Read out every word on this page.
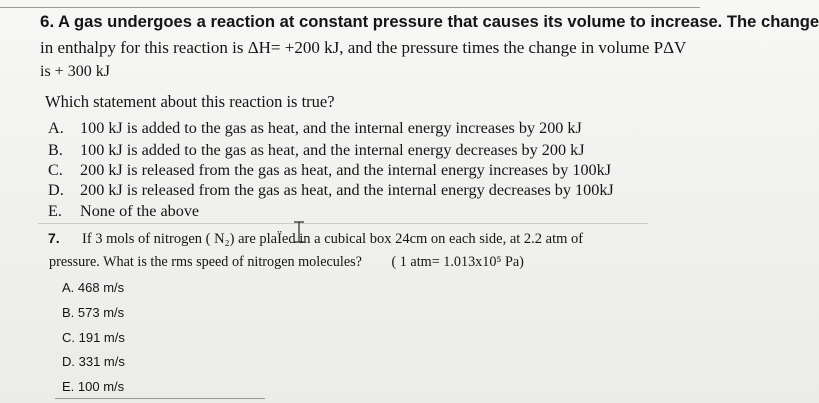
6. A gas undergoes a reaction at constant pressure that causes its volume to increase. The change
in enthalpy for this reaction is ΔH= +200 kJ, and the pressure times the change in volume PΔV
is + 300 kJ
Which statement about this reaction is true?
A. 100 kJ is added to the gas as heat, and the internal energy increases by 200 kJ
B. 100 kJ is added to the gas as heat, and the internal energy decreases by 200 kJ
C. 200 kJ is released from the gas as heat, and the internal energy increases by 100kJ
D. 200 kJ is released from the gas as heat, and the internal energy decreases by 100kJ
E. None of the above
7. If 3 mols of nitrogen ( N₂) are plaÏed in a cubical box 24cm on each side, at 2.2 atm of
pressure. What is the rms speed of nitrogen molecules? ( 1 atm= 1.013x10⁵ Pa)
A. 468 m/s
B. 573 m/s
C. 191 m/s
D. 331 m/s
E. 100 m/s
